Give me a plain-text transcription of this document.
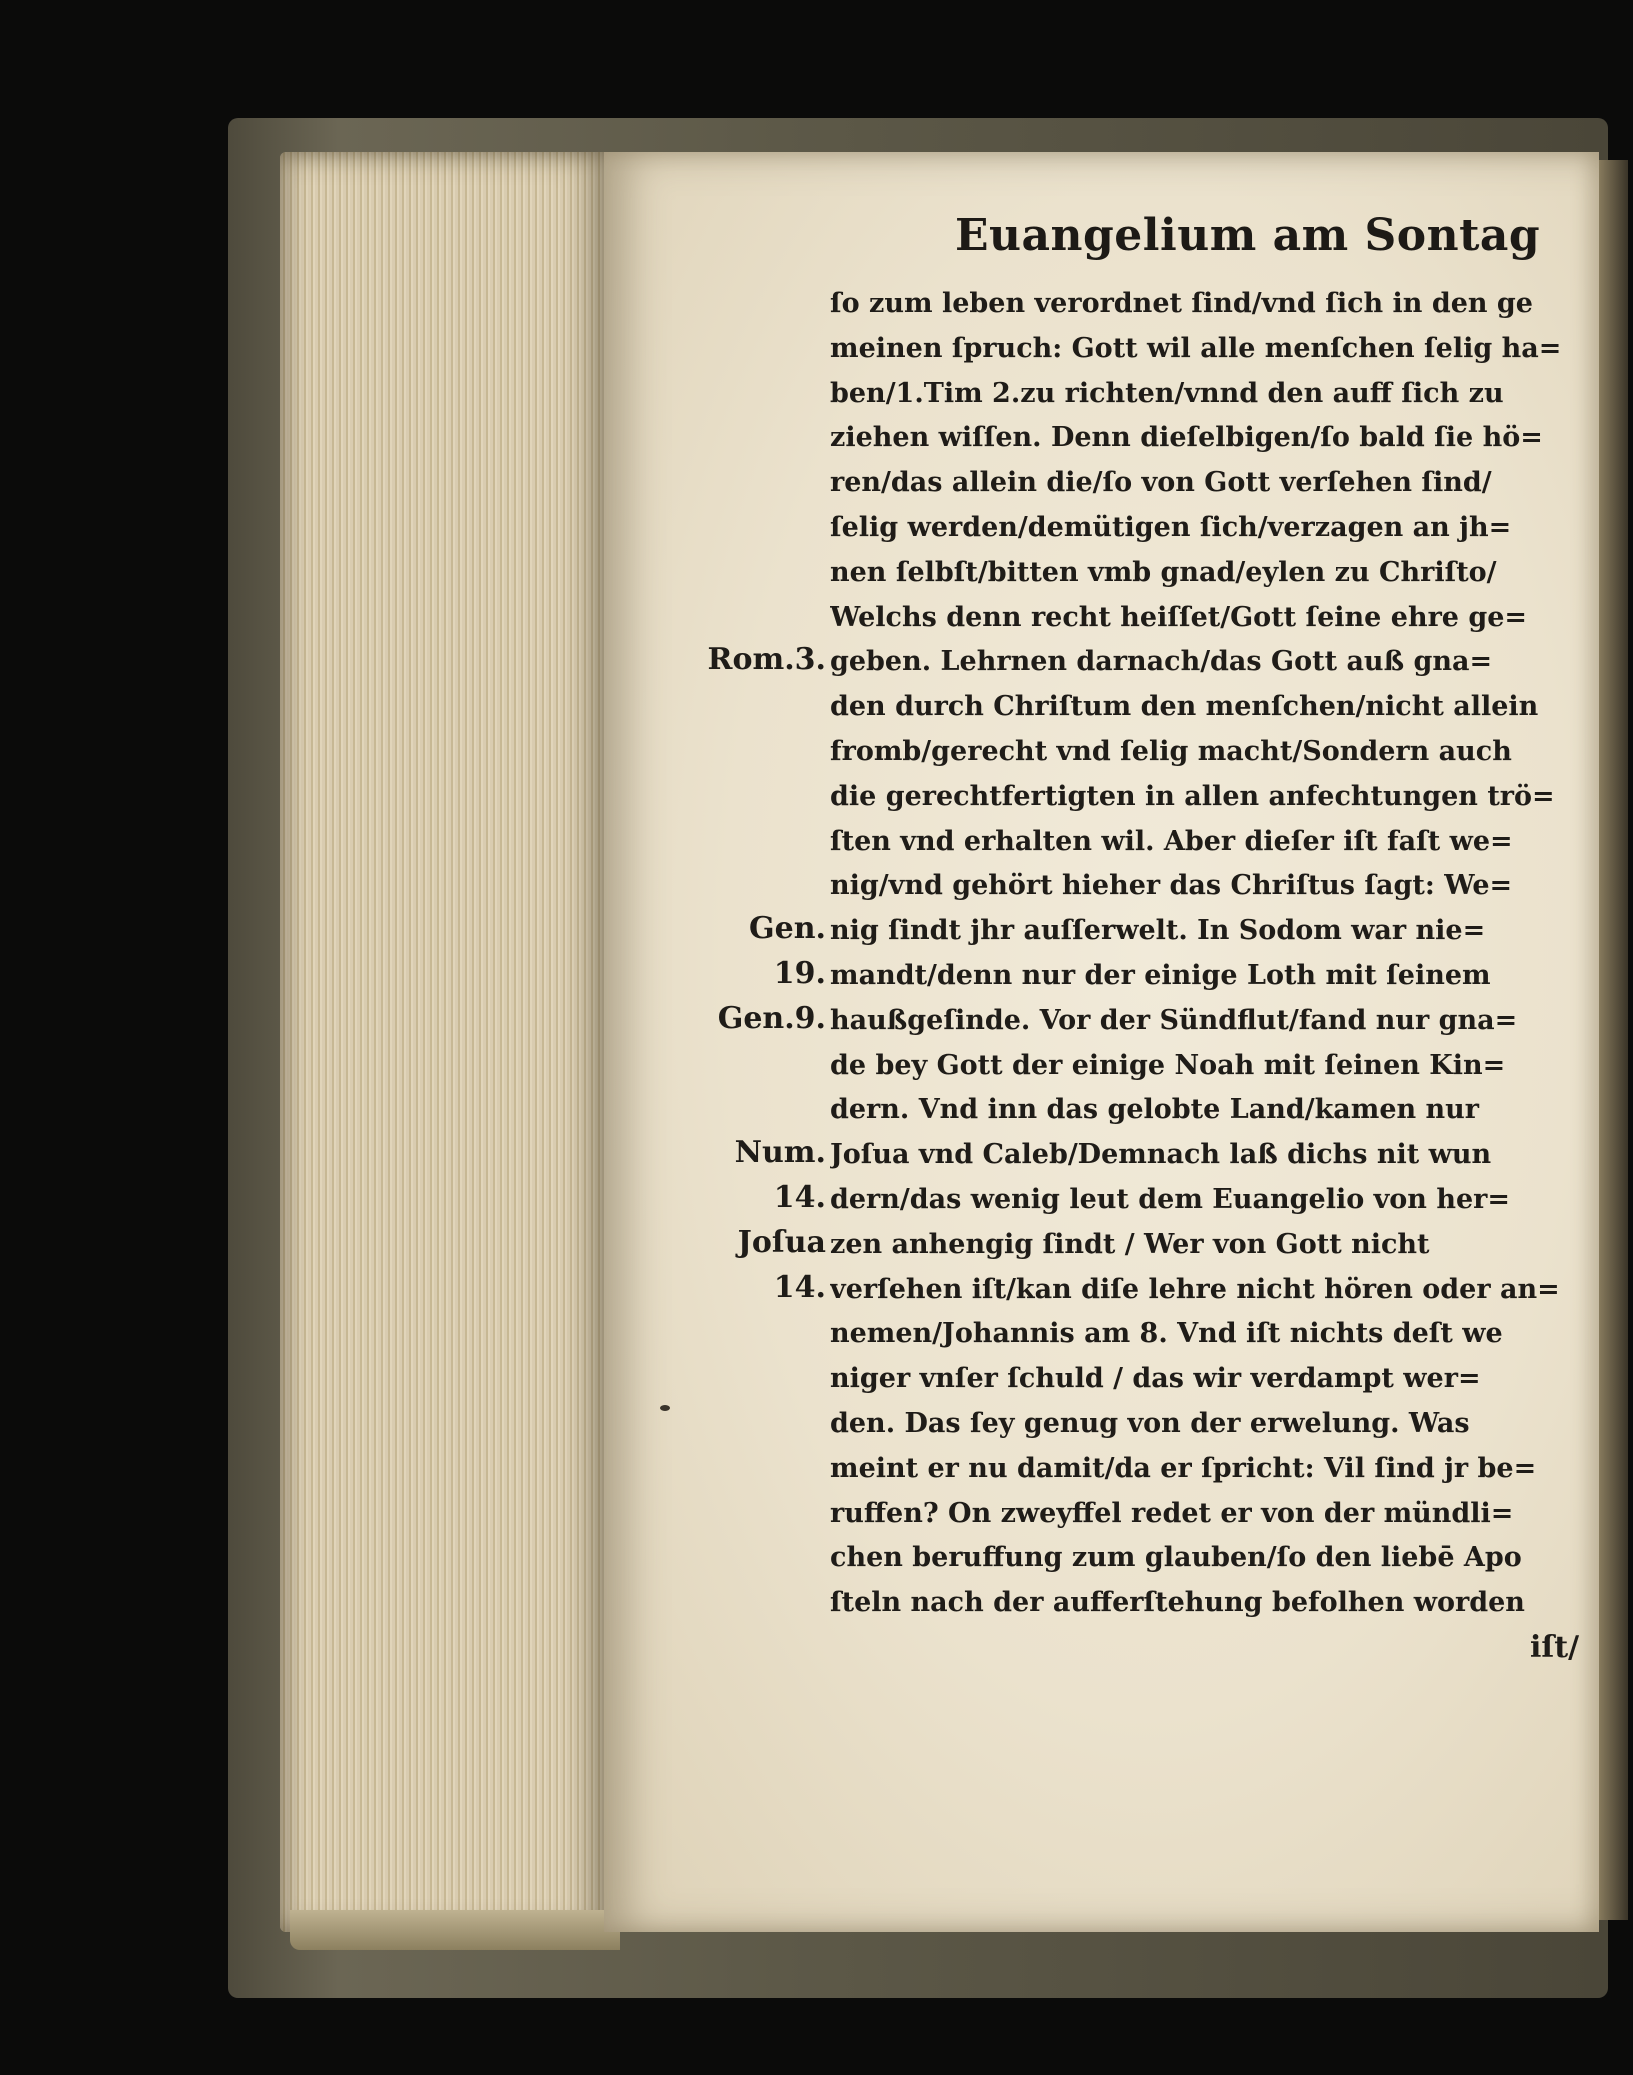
Euangelium am Sontag
ſo zum leben verordnet ſind/vnd ſich in den ge
meinen ſpruch: Gott wil alle menſchen ſelig ha=
ben/1.Tim 2.zu richten/vnnd den auff ſich zu
ziehen wiſſen. Denn dieſelbigen/ſo bald ſie hö=
ren/das allein die/ſo von Gott verſehen ſind/
ſelig werden/demütigen ſich/verzagen an jh=
nen ſelbſt/bitten vmb gnad/eylen zu Chriſto/
Welchs denn recht heiſſet/Gott ſeine ehre ge=
geben. Lehrnen darnach/das Gott auß gna=
den durch Chriſtum den menſchen/nicht allein
fromb/gerecht vnd ſelig macht/Sondern auch
die gerechtfertigten in allen anfechtungen trö=
ſten vnd erhalten wil. Aber dieſer iſt faſt we=
nig/vnd gehört hieher das Chriſtus ſagt: We=
nig ſindt jhr auſſerwelt. In Sodom war nie=
mandt/denn nur der einige Loth mit ſeinem
haußgeſinde. Vor der Sündflut/fand nur gna=
de bey Gott der einige Noah mit ſeinen Kin=
dern. Vnd inn das gelobte Land/kamen nur
Joſua vnd Caleb/Demnach laß dichs nit wun
dern/das wenig leut dem Euangelio von her=
zen anhengig ſindt / Wer von Gott nicht
verſehen iſt/kan diſe lehre nicht hören oder an=
nemen/Johannis am 8. Vnd iſt nichts deſt we
niger vnſer ſchuld / das wir verdampt wer=
den. Das ſey genug von der erwelung. Was
meint er nu damit/da er ſpricht: Vil ſind jr be=
ruffen? On zweyffel redet er von der mündli=
chen beruffung zum glauben/ſo den liebē Apo
ſteln nach der aufferſtehung befolhen worden
Rom.3.
Gen.
19.
Gen.9.
Num.
14.
Joſua
14.
iſt/
